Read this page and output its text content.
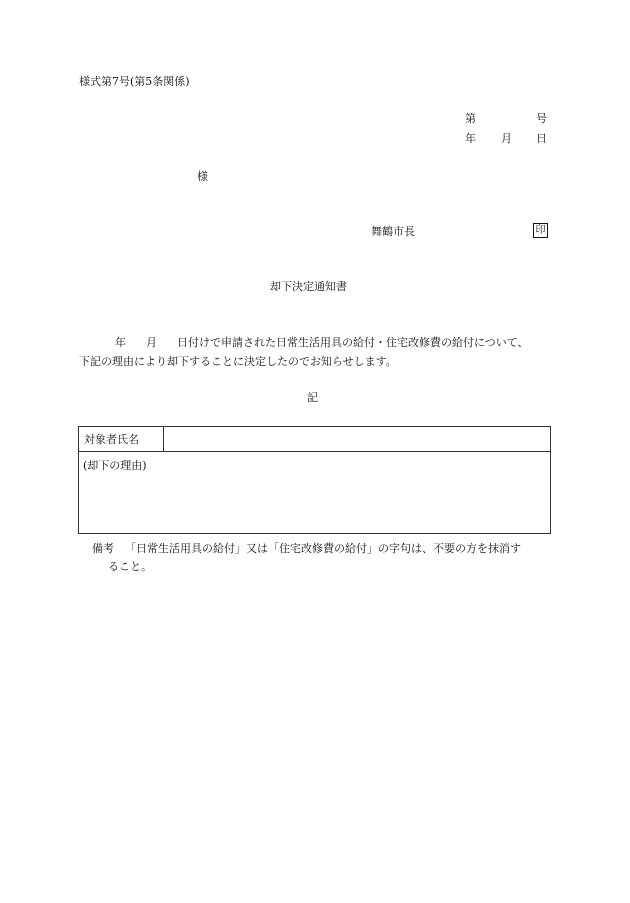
様式第7号(第5条関係)
第	号
年 月 日
様
舞鶴市長	印
却下決定通知書
年 月 日付けで申請された日常生活用具の給付・住宅改修費の給付について、
下記の理由により却下することに決定したのでお知らせします。
記
対象者氏名
(却下の理由)
備考 「日常生活用具の給付」又は「住宅改修費の給付」の字句は、不要の方を抹消す
ること。
